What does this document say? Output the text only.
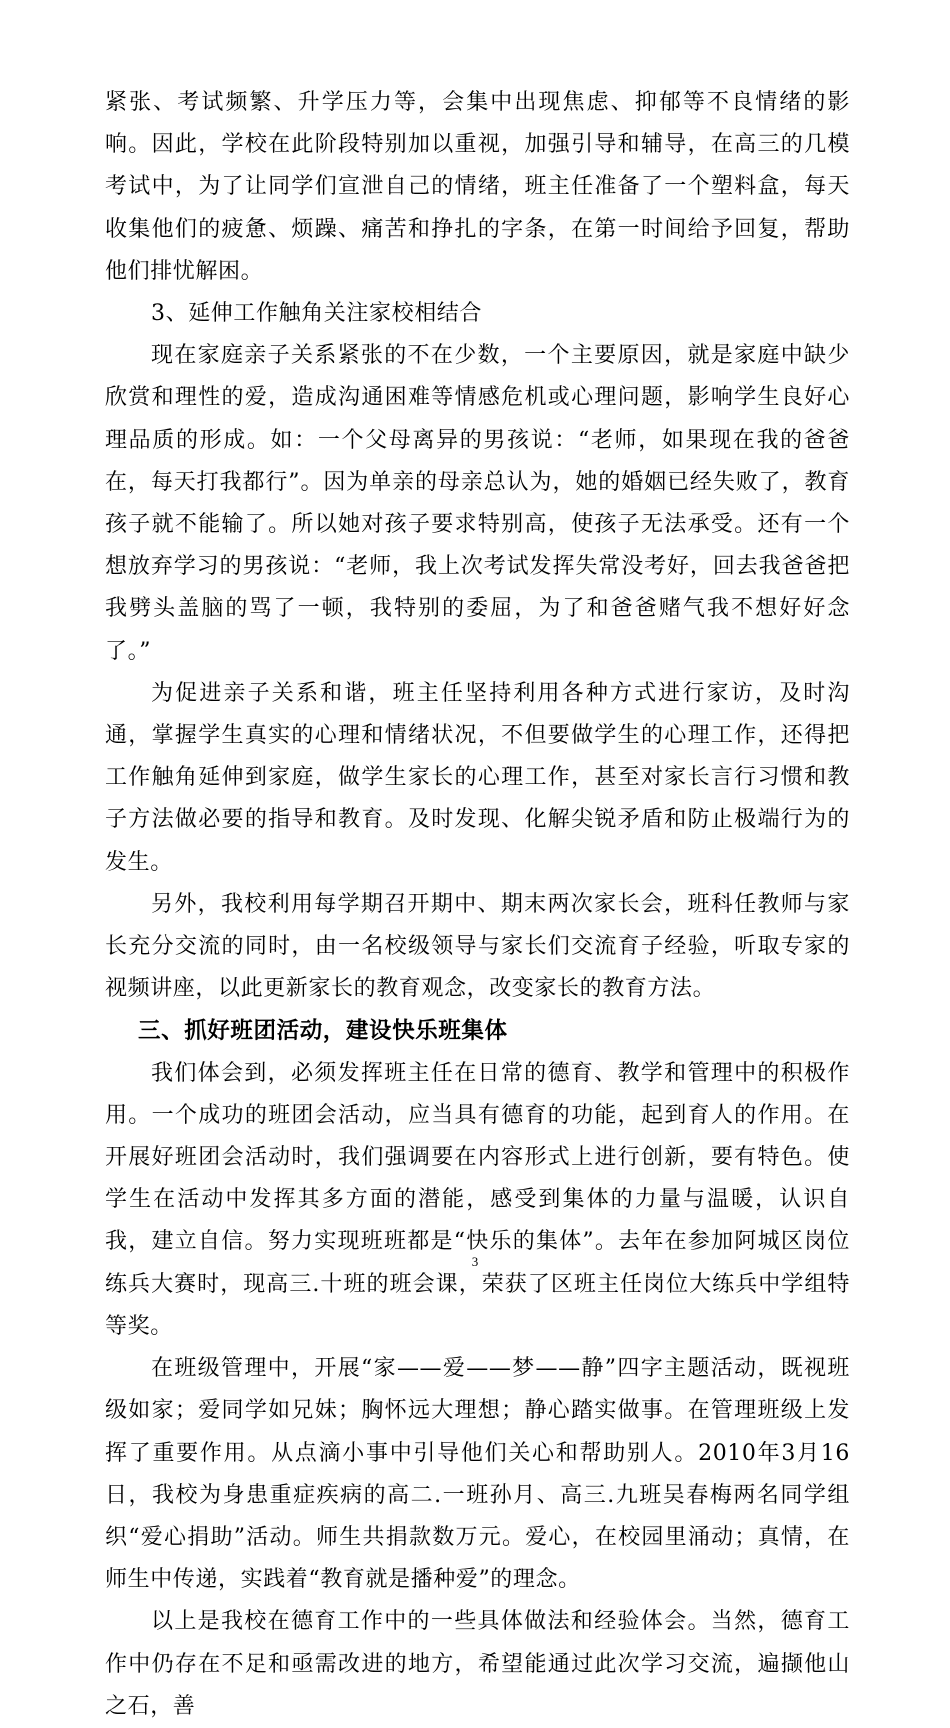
紧张、考试频繁、升学压力等，会集中出现焦虑、抑郁等不良情绪的影响。因此，学校在此阶段特别加以重视，加强引导和辅导，在高三的几模考试中，为了让同学们宣泄自己的情绪，班主任准备了一个塑料盒，每天收集他们的疲惫、烦躁、痛苦和挣扎的字条，在第一时间给予回复，帮助他们排忧解困。

3、延伸工作触角关注家校相结合

现在家庭亲子关系紧张的不在少数，一个主要原因，就是家庭中缺少欣赏和理性的爱，造成沟通困难等情感危机或心理问题，影响学生良好心理品质的形成。如：一个父母离异的男孩说：“老师，如果现在我的爸爸在，每天打我都行”。因为单亲的母亲总认为，她的婚姻已经失败了，教育孩子就不能输了。所以她对孩子要求特别高，使孩子无法承受。还有一个想放弃学习的男孩说：“老师，我上次考试发挥失常没考好，回去我爸爸把我劈头盖脑的骂了一顿，我特别的委屈，为了和爸爸赌气我不想好好念了。”

为促进亲子关系和谐，班主任坚持利用各种方式进行家访，及时沟通，掌握学生真实的心理和情绪状况，不但要做学生的心理工作，还得把工作触角延伸到家庭，做学生家长的心理工作，甚至对家长言行习惯和教子方法做必要的指导和教育。及时发现、化解尖锐矛盾和防止极端行为的发生。

另外，我校利用每学期召开期中、期末两次家长会，班科任教师与家长充分交流的同时，由一名校级领导与家长们交流育子经验，听取专家的视频讲座，以此更新家长的教育观念，改变家长的教育方法。

三、抓好班团活动，建设快乐班集体

我们体会到，必须发挥班主任在日常的德育、教学和管理中的积极作用。一个成功的班团会活动，应当具有德育的功能，起到育人的作用。在开展好班团会活动时，我们强调要在内容形式上进行创新，要有特色。使学生在活动中发挥其多方面的潜能，感受到集体的力量与温暖，认识自我，建立自信。努力实现班班都是“快乐的集体”。去年在参加阿城区岗位练兵大赛时，现高三.十班的班会课，荣获了区班主任岗位大练兵中学组特等奖。

在班级管理中，开展“家——爱——梦——静”四字主题活动，既视班级如家；爱同学如兄妹；胸怀远大理想；静心踏实做事。在管理班级上发挥了重要作用。从点滴小事中引导他们关心和帮助别人。2010年3月16日，我校为身患重症疾病的高二.一班孙月、高三.九班吴春梅两名同学组织“爱心捐助”活动。师生共捐款数万元。爱心，在校园里涌动；真情，在师生中传递，实践着“教育就是播种爱”的理念。

以上是我校在德育工作中的一些具体做法和经验体会。当然，德育工作中仍存在不足和亟需改进的地方，希望能通过此次学习交流，遍撷他山之石，善

3
